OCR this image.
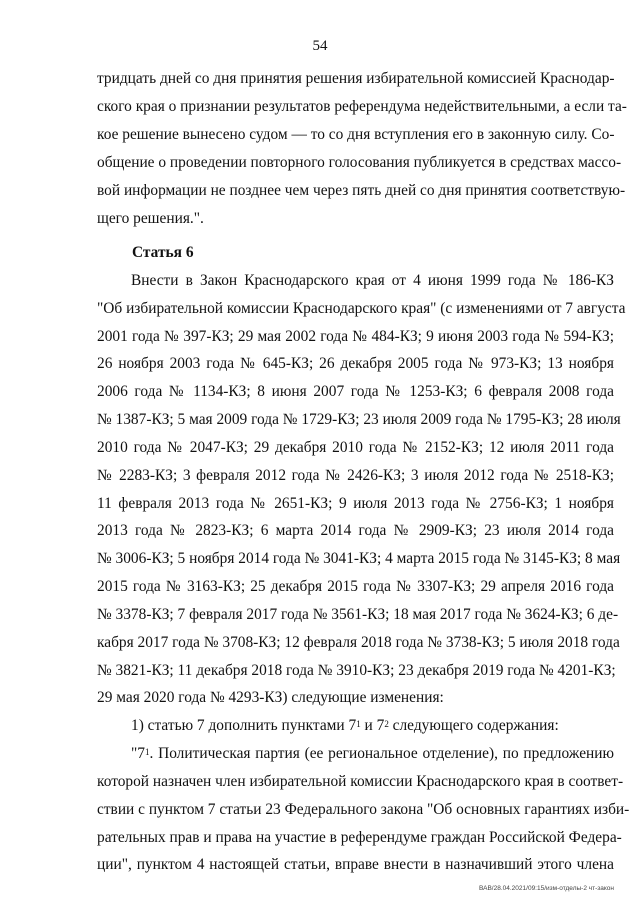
54
тридцать дней со дня принятия решения избирательной комиссией Краснодар-
ского края о признании результатов референдума недействительными, а если та-
кое решение вынесено судом — то со дня вступления его в законную силу. Со-
общение о проведении повторного голосования публикуется в средствах массо-
вой информации не позднее чем через пять дней со дня принятия соответствую-
щего решения.".
Статья 6
Внести в Закон Краснодарского края от 4 июня 1999 года № 186-КЗ
"Об избирательной комиссии Краснодарского края" (с изменениями от 7 августа
2001 года № 397-КЗ; 29 мая 2002 года № 484-КЗ; 9 июня 2003 года № 594-КЗ;
26 ноября 2003 года № 645-КЗ; 26 декабря 2005 года № 973-КЗ; 13 ноября
2006 года № 1134-КЗ; 8 июня 2007 года № 1253-КЗ; 6 февраля 2008 года
№ 1387-КЗ; 5 мая 2009 года № 1729-КЗ; 23 июля 2009 года № 1795-КЗ; 28 июля
2010 года № 2047-КЗ; 29 декабря 2010 года № 2152-КЗ; 12 июля 2011 года
№ 2283-КЗ; 3 февраля 2012 года № 2426-КЗ; 3 июля 2012 года № 2518-КЗ;
11 февраля 2013 года № 2651-КЗ; 9 июля 2013 года № 2756-КЗ; 1 ноября
2013 года № 2823-КЗ; 6 марта 2014 года № 2909-КЗ; 23 июля 2014 года
№ 3006-КЗ; 5 ноября 2014 года № 3041-КЗ; 4 марта 2015 года № 3145-КЗ; 8 мая
2015 года № 3163-КЗ; 25 декабря 2015 года № 3307-КЗ; 29 апреля 2016 года
№ 3378-КЗ; 7 февраля 2017 года № 3561-КЗ; 18 мая 2017 года № 3624-КЗ; 6 де-
кабря 2017 года № 3708-КЗ; 12 февраля 2018 года № 3738-КЗ; 5 июля 2018 года
№ 3821-КЗ; 11 декабря 2018 года № 3910-КЗ; 23 декабря 2019 года № 4201-КЗ;
29 мая 2020 года № 4293-КЗ) следующие изменения:
1) статью 7 дополнить пунктами $7^1$ и $7^2$ следующего содержания:
"$7^1$. Политическая партия (ее региональное отделение), по предложению
которой назначен член избирательной комиссии Краснодарского края в соответ-
ствии с пунктом 7 статьи 23 Федерального закона "Об основных гарантиях изби-
рательных прав и права на участие в референдуме граждан Российской Федера-
ции", пунктом 4 настоящей статьи, вправе внести в назначивший этого члена
ВАВ/28.04.2021/09:15/изм-отделы-2 чт-закон
